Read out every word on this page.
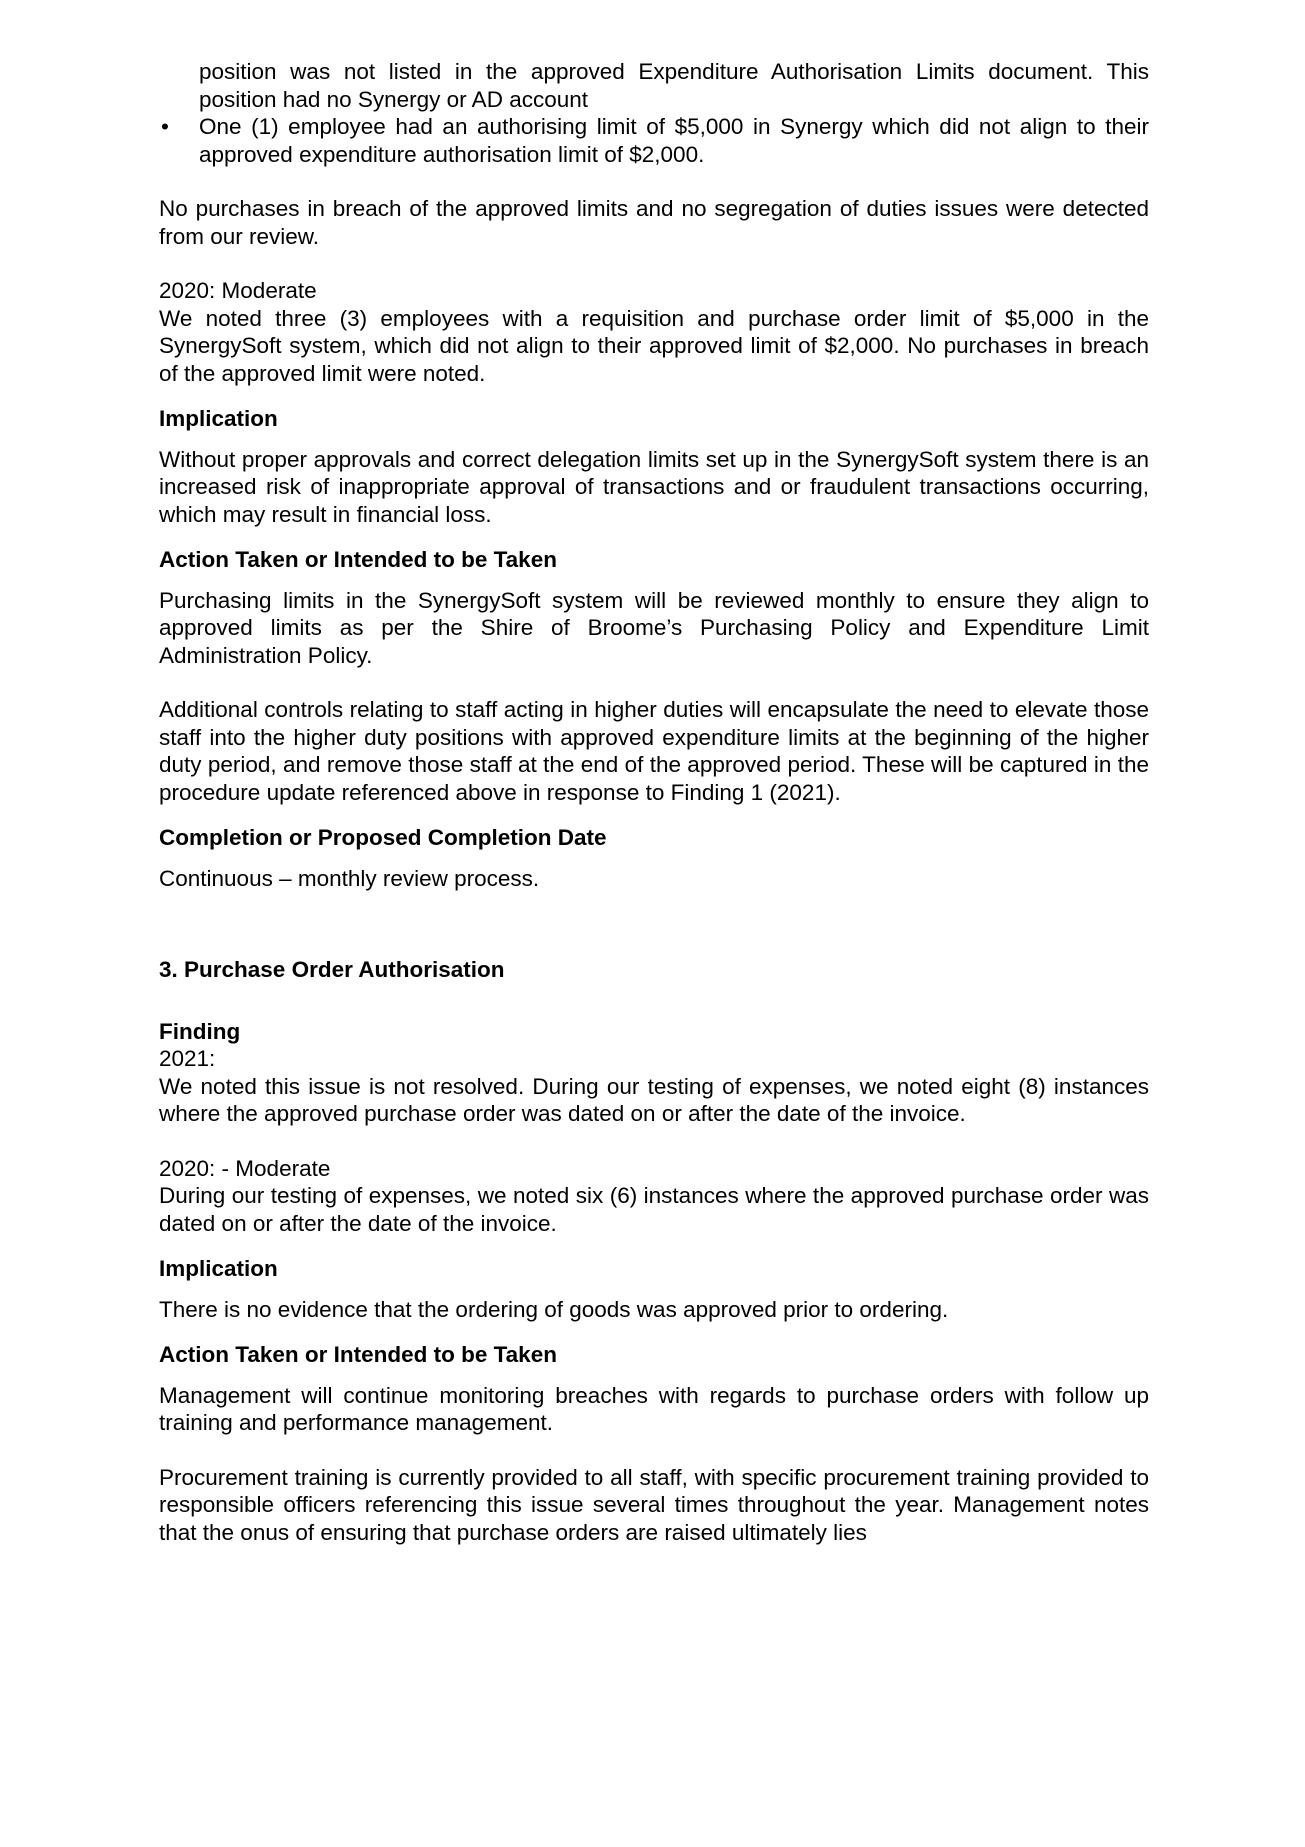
position was not listed in the approved Expenditure Authorisation Limits document. This position had no Synergy or AD account

• One (1) employee had an authorising limit of $5,000 in Synergy which did not align to their approved expenditure authorisation limit of $2,000.

No purchases in breach of the approved limits and no segregation of duties issues were detected from our review.

2020: Moderate

We noted three (3) employees with a requisition and purchase order limit of $5,000 in the SynergySoft system, which did not align to their approved limit of $2,000. No purchases in breach of the approved limit were noted.

Implication

Without proper approvals and correct delegation limits set up in the SynergySoft system there is an increased risk of inappropriate approval of transactions and or fraudulent transactions occurring, which may result in financial loss.

Action Taken or Intended to be Taken

Purchasing limits in the SynergySoft system will be reviewed monthly to ensure they align to approved limits as per the Shire of Broome’s Purchasing Policy and Expenditure Limit Administration Policy.

Additional controls relating to staff acting in higher duties will encapsulate the need to elevate those staff into the higher duty positions with approved expenditure limits at the beginning of the higher duty period, and remove those staff at the end of the approved period. These will be captured in the procedure update referenced above in response to Finding 1 (2021).

Completion or Proposed Completion Date

Continuous – monthly review process.

3. Purchase Order Authorisation

Finding

2021:

We noted this issue is not resolved. During our testing of expenses, we noted eight (8) instances where the approved purchase order was dated on or after the date of the invoice.

2020: - Moderate

During our testing of expenses, we noted six (6) instances where the approved purchase order was dated on or after the date of the invoice.

Implication

There is no evidence that the ordering of goods was approved prior to ordering.

Action Taken or Intended to be Taken

Management will continue monitoring breaches with regards to purchase orders with follow up training and performance management.

Procurement training is currently provided to all staff, with specific procurement training provided to responsible officers referencing this issue several times throughout the year. Management notes that the onus of ensuring that purchase orders are raised ultimately lies
